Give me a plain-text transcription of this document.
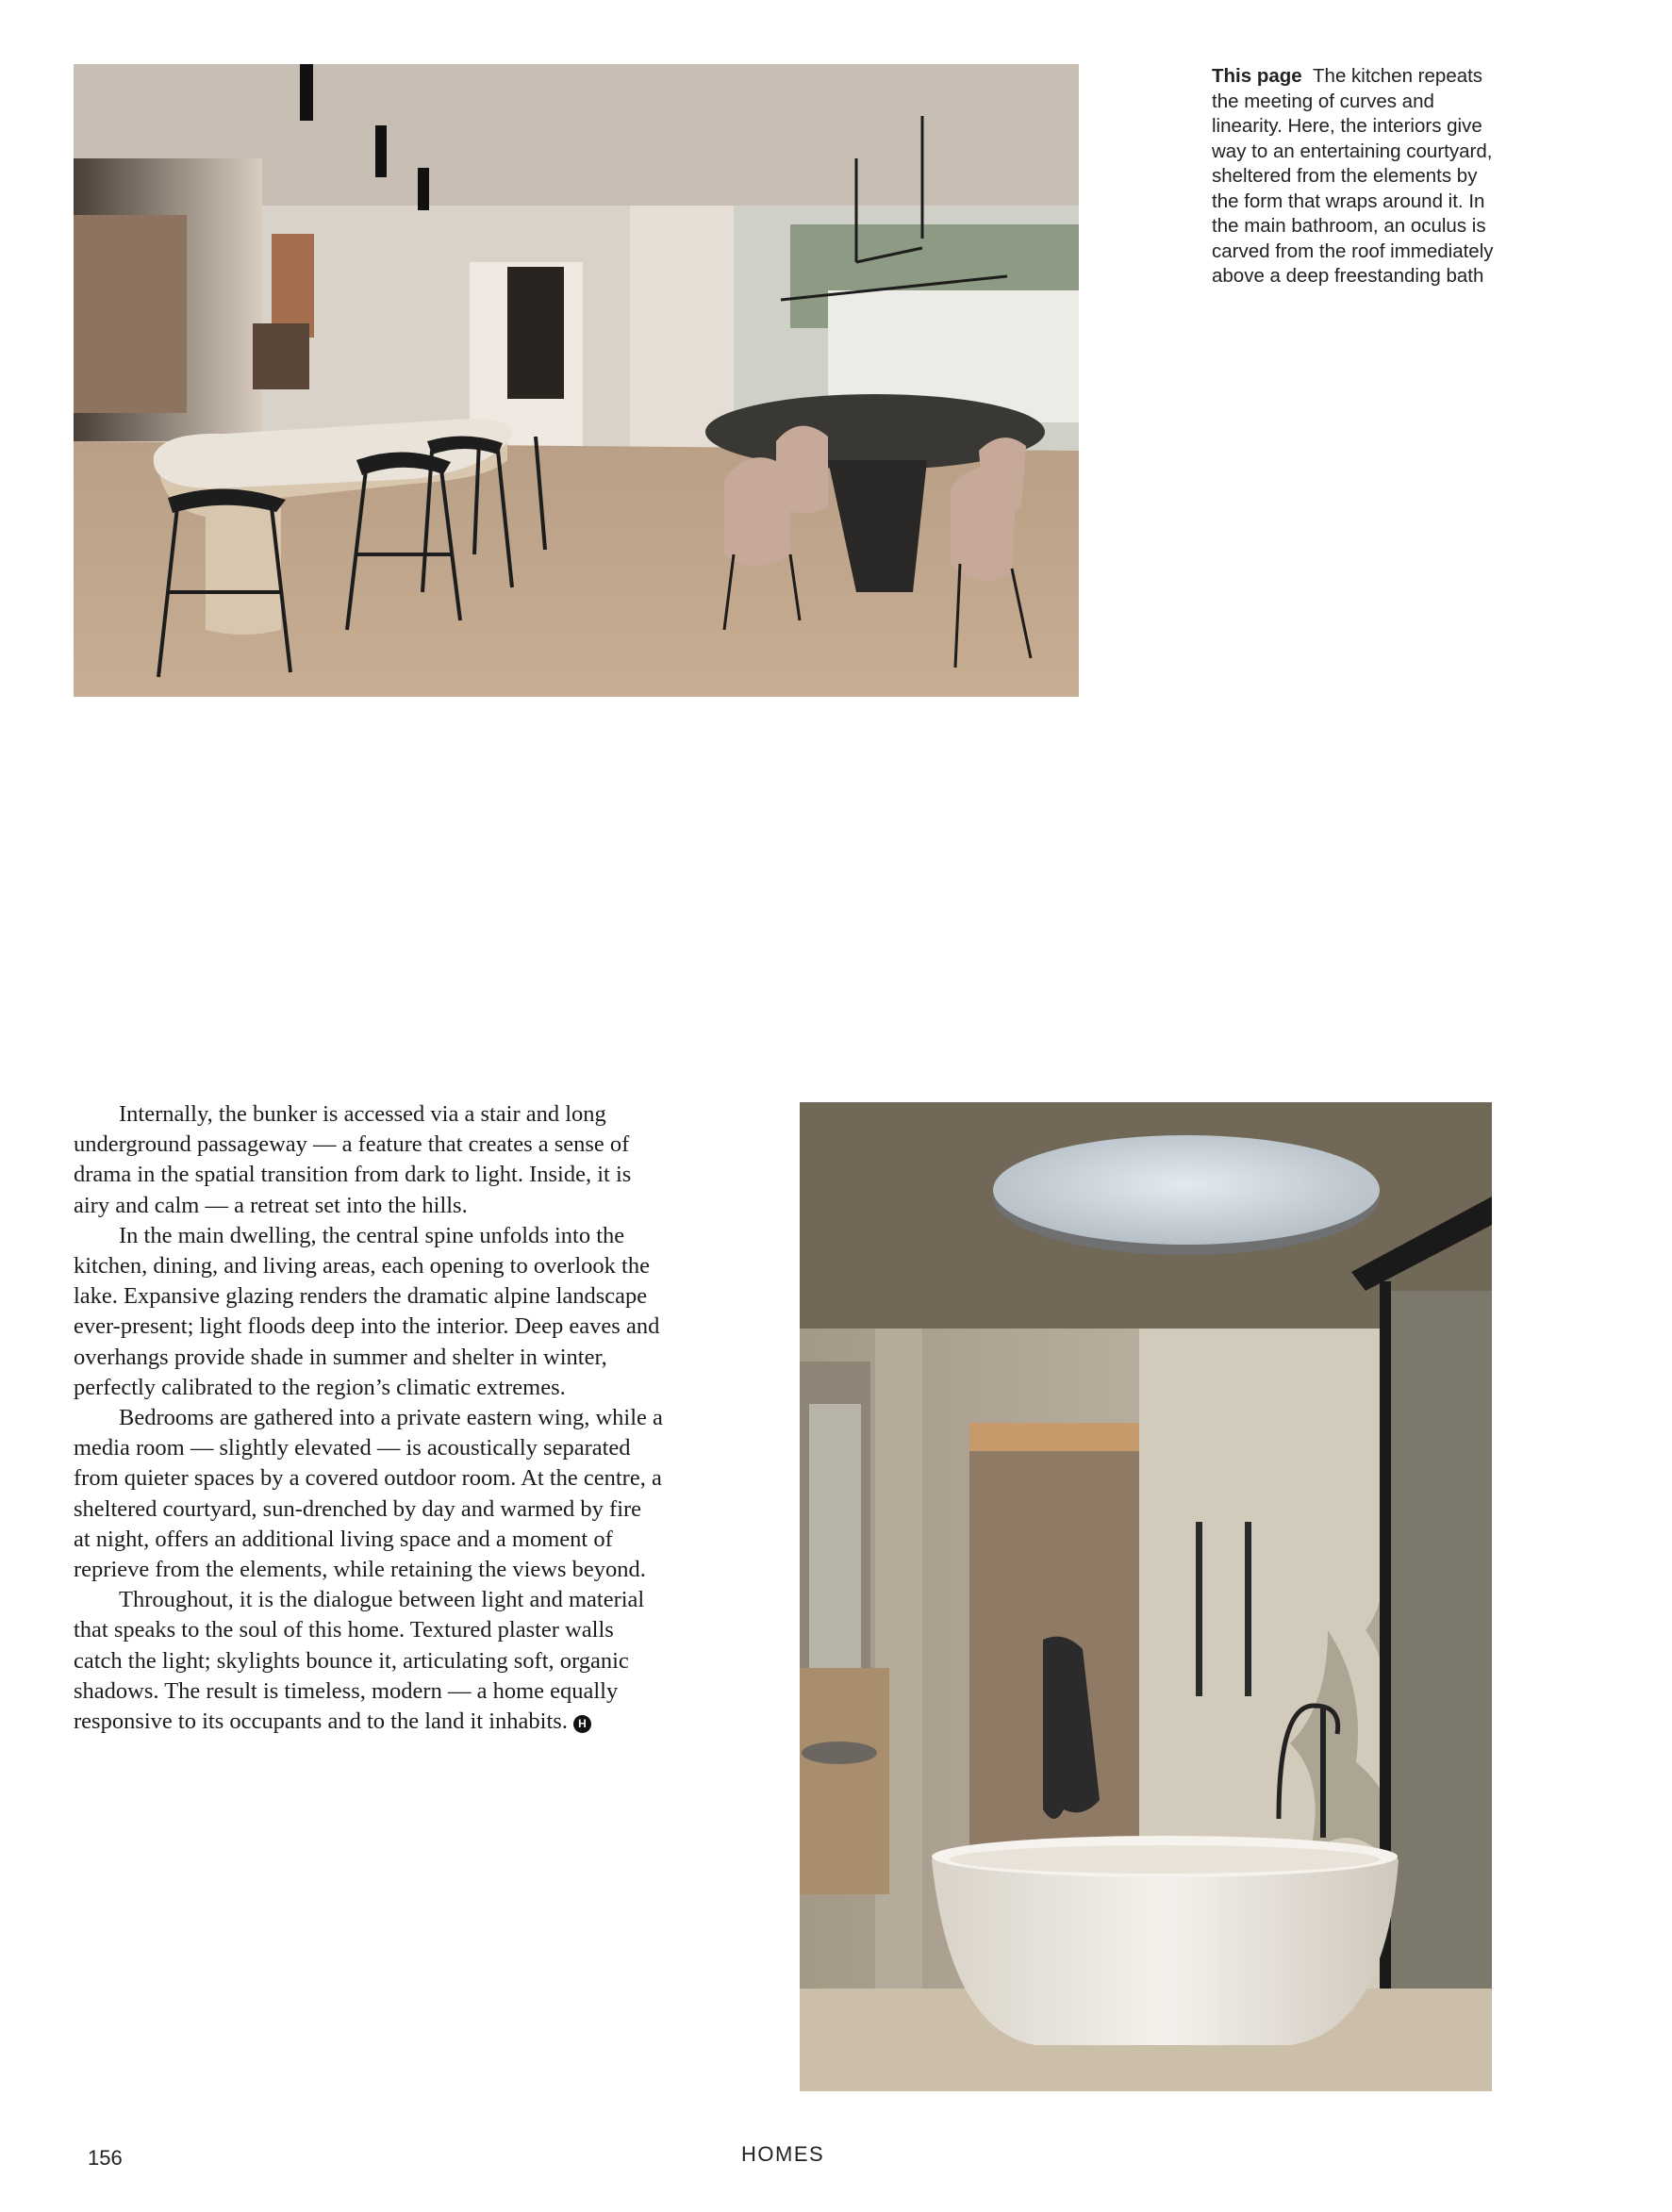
This page The kitchen repeats the meeting of curves and linearity. Here, the interiors give way to an entertaining courtyard, sheltered from the elements by the form that wraps around it. In the main bathroom, an oculus is carved from the roof immediately above a deep freestanding bath

Internally, the bunker is accessed via a stair and long underground passageway — a feature that creates a sense of drama in the spatial transition from dark to light. Inside, it is airy and calm — a retreat set into the hills.

In the main dwelling, the central spine unfolds into the kitchen, dining, and living areas, each opening to overlook the lake. Expansive glazing renders the dramatic alpine landscape ever-present; light floods deep into the interior. Deep eaves and overhangs provide shade in summer and shelter in winter, perfectly calibrated to the region’s climatic extremes.

Bedrooms are gathered into a private eastern wing, while a media room — slightly elevated — is acoustically separated from quieter spaces by a covered outdoor room. At the centre, a sheltered courtyard, sun-drenched by day and warmed by fire at night, offers an additional living space and a moment of reprieve from the elements, while retaining the views beyond.

Throughout, it is the dialogue between light and material that speaks to the soul of this home. Textured plaster walls catch the light; skylights bounce it, articulating soft, organic shadows. The result is timeless, modern — a home equally responsive to its occupants and to the land it inhabits. H

156	HOMES
